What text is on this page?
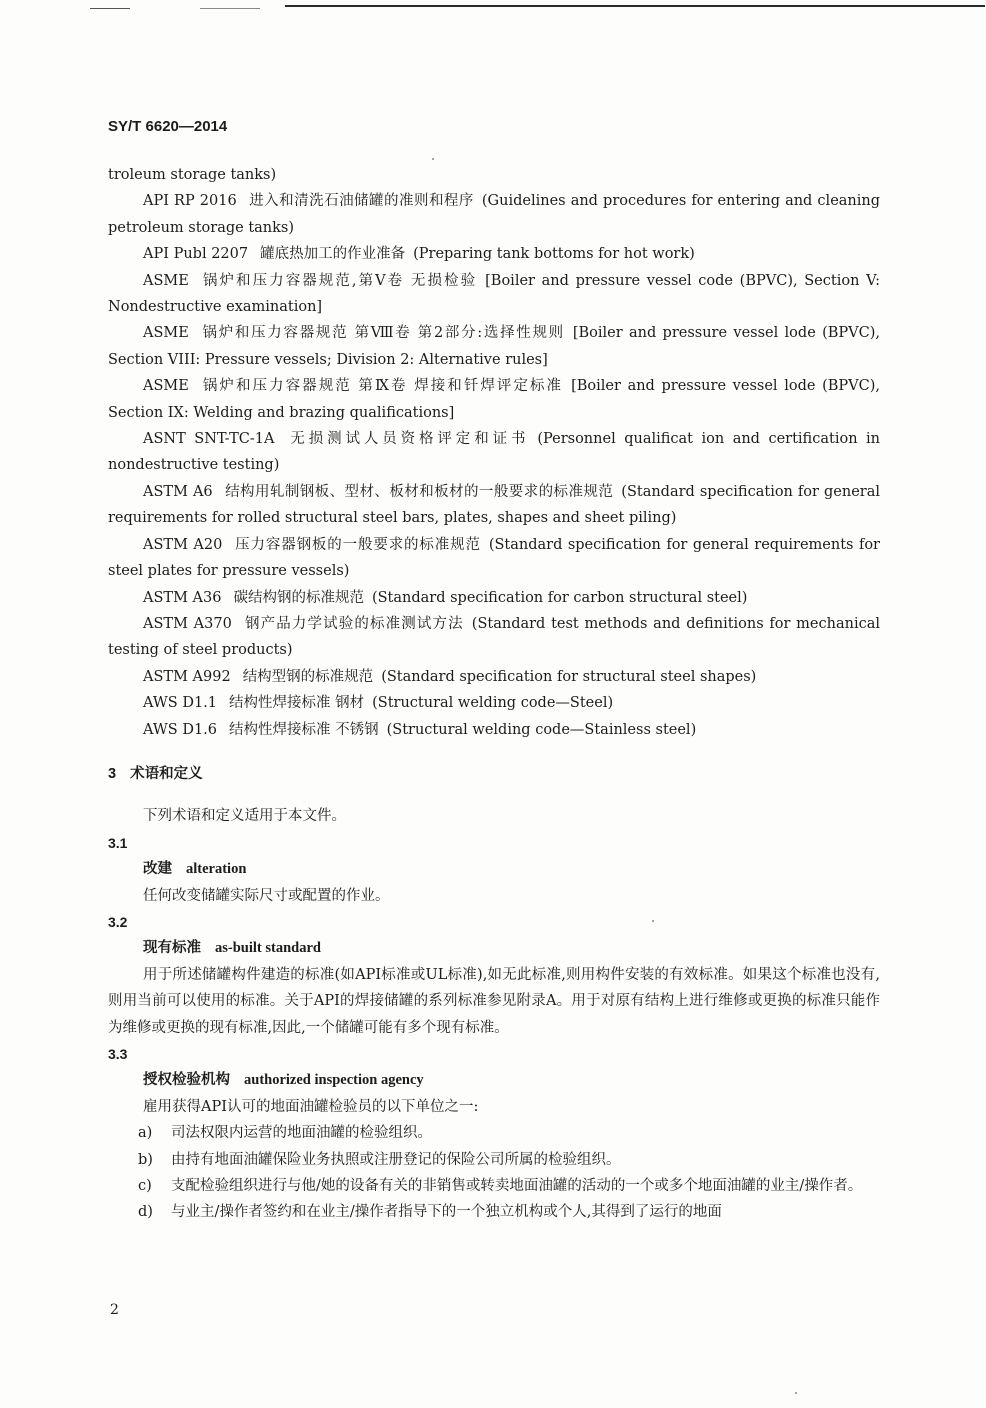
SY/T 6620—2014

troleum storage tanks)

API RP 2016 进入和清洗石油储罐的准则和程序 (Guidelines and procedures for entering and cleaning petroleum storage tanks)

API Publ 2207 罐底热加工的作业准备 (Preparing tank bottoms for hot work)

ASME 锅炉和压力容器规范,第Ⅴ卷 无损检验 [Boiler and pressure vessel code (BPVC), Section V: Nondestructive examination]

ASME 锅炉和压力容器规范 第Ⅷ卷 第2部分:选择性规则 [Boiler and pressure vessel lode (BPVC), Section VIII: Pressure vessels; Division 2: Alternative rules]

ASME 锅炉和压力容器规范 第Ⅸ卷 焊接和钎焊评定标准 [Boiler and pressure vessel lode (BPVC), Section IX: Welding and brazing qualifications]

ASNT SNT-TC-1A 无损测试人员资格评定和证书 (Personnel qualificat ion and certification in nondestructive testing)

ASTM A6 结构用轧制钢板、型材、板材和板材的一般要求的标准规范 (Standard specification for general requirements for rolled structural steel bars, plates, shapes and sheet piling)

ASTM A20 压力容器钢板的一般要求的标准规范 (Standard specification for general requirements for steel plates for pressure vessels)

ASTM A36 碳结构钢的标准规范 (Standard specification for carbon structural steel)

ASTM A370 钢产品力学试验的标准测试方法 (Standard test methods and definitions for mechanical testing of steel products)

ASTM A992 结构型钢的标准规范 (Standard specification for structural steel shapes)

AWS D1.1 结构性焊接标准 钢材 (Structural welding code—Steel)

AWS D1.6 结构性焊接标准 不锈钢 (Structural welding code—Stainless steel)

3 术语和定义

下列术语和定义适用于本文件。

3.1

改建 alteration

任何改变储罐实际尺寸或配置的作业。

3.2

现有标准 as-built standard

用于所述储罐构件建造的标准(如API标准或UL标准),如无此标准,则用构件安装的有效标准。如果这个标准也没有,则用当前可以使用的标准。关于API的焊接储罐的系列标准参见附录A。用于对原有结构上进行维修或更换的标准只能作为维修或更换的现有标准,因此,一个储罐可能有多个现有标准。

3.3

授权检验机构 authorized inspection agency

雇用获得API认可的地面油罐检验员的以下单位之一:

a) 司法权限内运营的地面油罐的检验组织。

b) 由持有地面油罐保险业务执照或注册登记的保险公司所属的检验组织。

c) 支配检验组织进行与他/她的设备有关的非销售或转卖地面油罐的活动的一个或多个地面油罐的业主/操作者。

d) 与业主/操作者签约和在业主/操作者指导下的一个独立机构或个人,其得到了运行的地面

2
